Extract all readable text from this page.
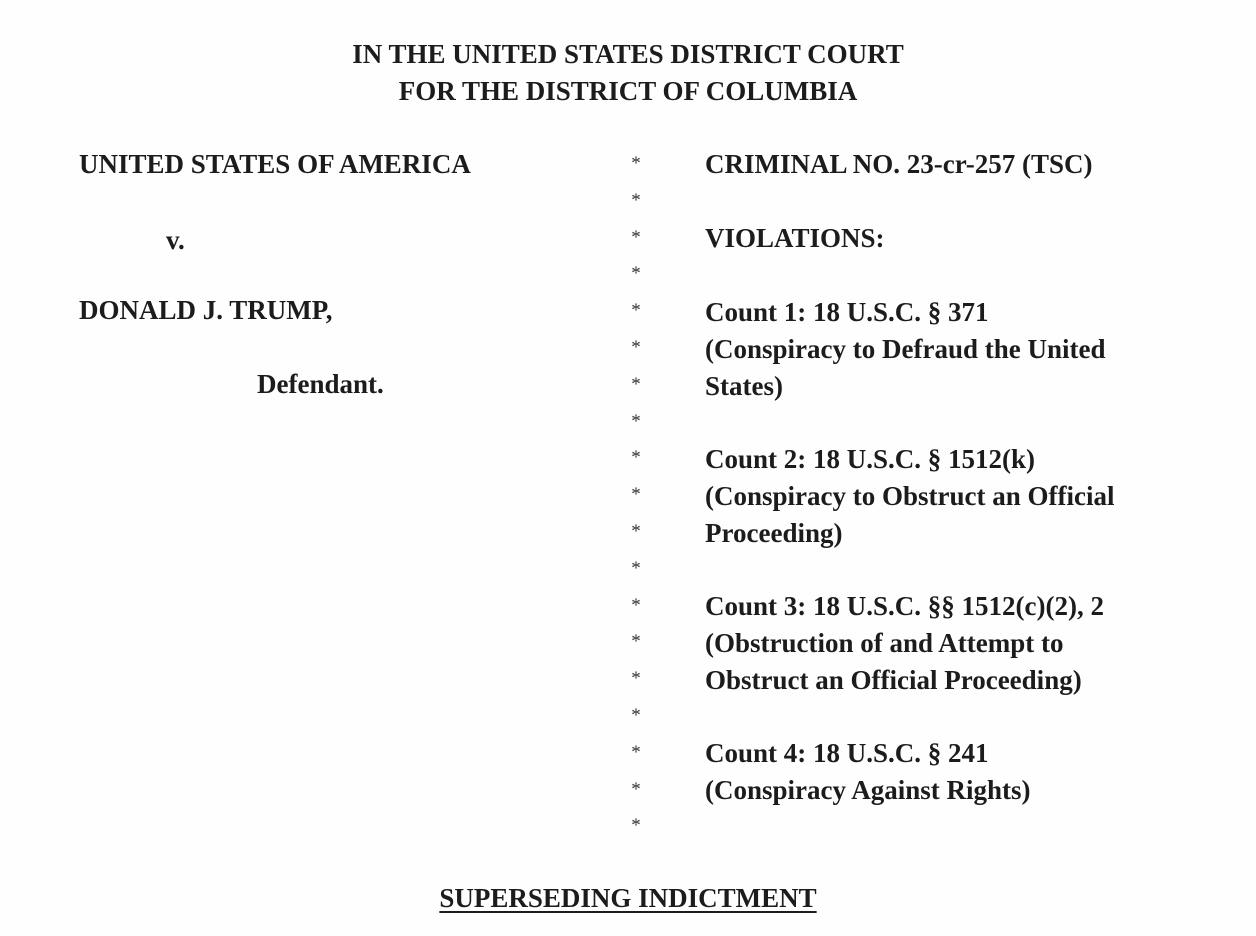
IN THE UNITED STATES DISTRICT COURT
FOR THE DISTRICT OF COLUMBIA
UNITED STATES OF AMERICA
v.
DONALD J. TRUMP,
Defendant.
*
*
*
*
*
*
*
*
*
*
*
*
*
*
*
*
*
*
*
CRIMINAL NO. 23-cr-257 (TSC)
VIOLATIONS:
Count 1: 18 U.S.C. § 371
(Conspiracy to Defraud the United
States)
Count 2: 18 U.S.C. § 1512(k)
(Conspiracy to Obstruct an Official
Proceeding)
Count 3: 18 U.S.C. §§ 1512(c)(2), 2
(Obstruction of and Attempt to
Obstruct an Official Proceeding)
Count 4: 18 U.S.C. § 241
(Conspiracy Against Rights)
SUPERSEDING INDICTMENT
